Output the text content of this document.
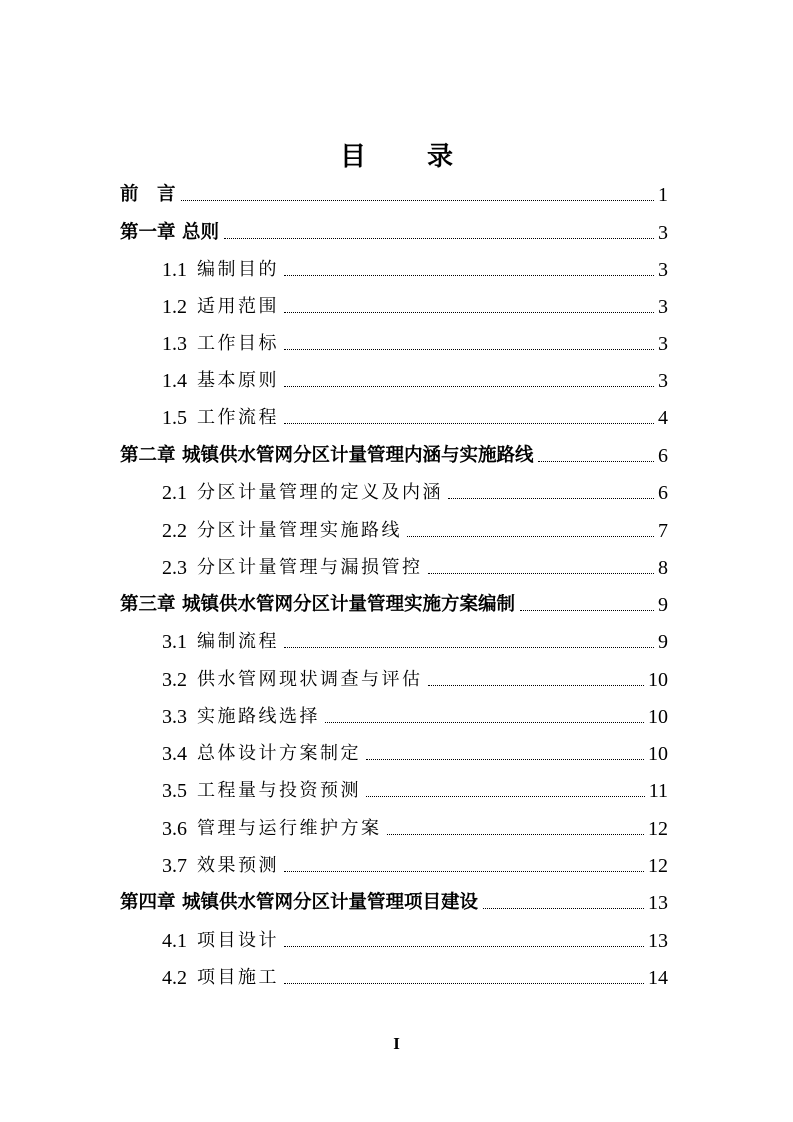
目 录
前　言	1
第一章 总则	3
1.1 编制目的	3
1.2 适用范围	3
1.3 工作目标	3
1.4 基本原则	3
1.5 工作流程	4
第二章 城镇供水管网分区计量管理内涵与实施路线	6
2.1 分区计量管理的定义及内涵	6
2.2 分区计量管理实施路线	7
2.3 分区计量管理与漏损管控	8
第三章 城镇供水管网分区计量管理实施方案编制	9
3.1 编制流程	9
3.2 供水管网现状调查与评估	10
3.3 实施路线选择	10
3.4 总体设计方案制定	10
3.5 工程量与投资预测	11
3.6 管理与运行维护方案	12
3.7 效果预测	12
第四章 城镇供水管网分区计量管理项目建设	13
4.1 项目设计	13
4.2 项目施工	14
I
